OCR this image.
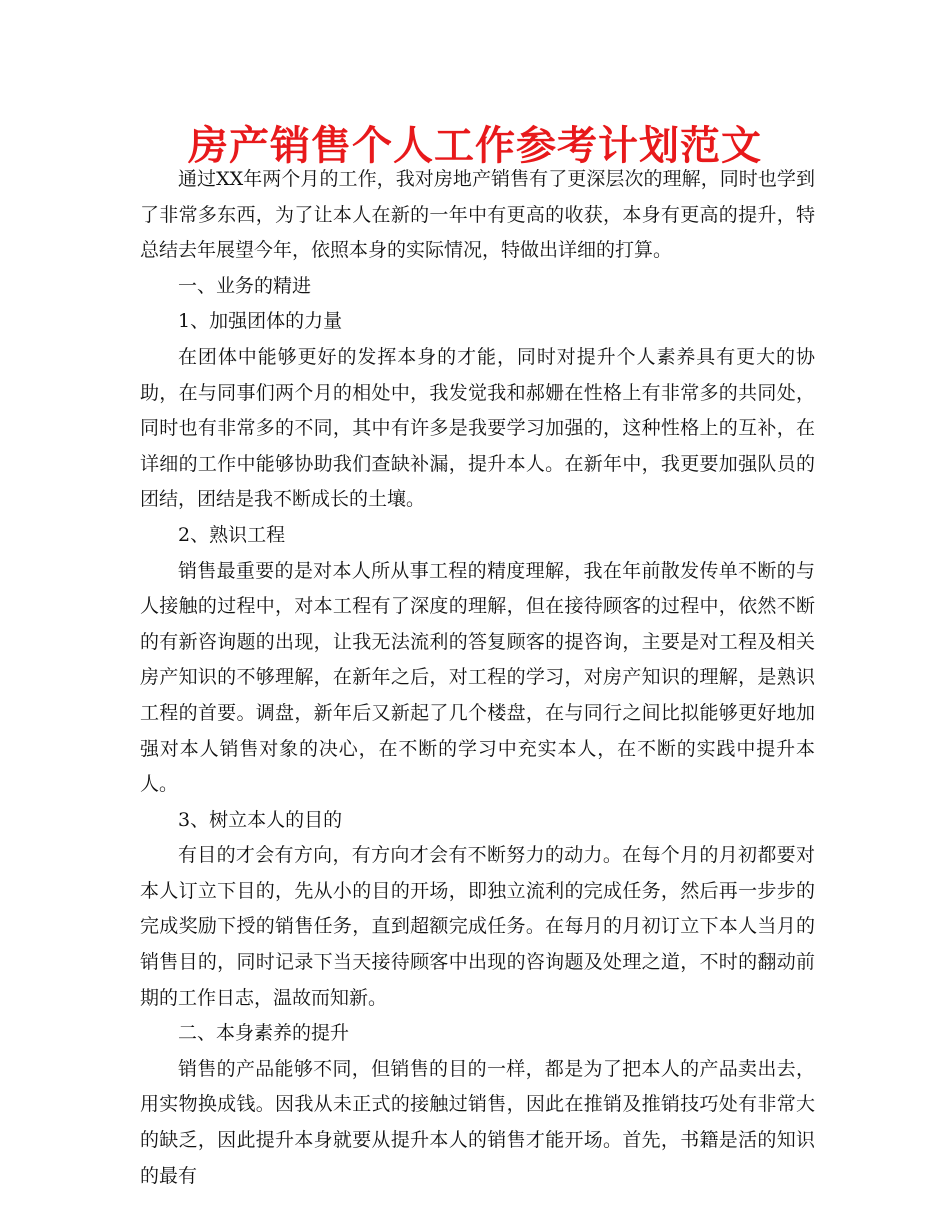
房产销售个人工作参考计划范文

通过XX年两个月的工作，我对房地产销售有了更深层次的理解，同时也学到了非常多东西，为了让本人在新的一年中有更高的收获，本身有更高的提升，特总结去年展望今年，依照本身的实际情况，特做出详细的打算。

一、业务的精进

1、加强团体的力量

在团体中能够更好的发挥本身的才能，同时对提升个人素养具有更大的协助，在与同事们两个月的相处中，我发觉我和郝姗在性格上有非常多的共同处，同时也有非常多的不同，其中有许多是我要学习加强的，这种性格上的互补，在详细的工作中能够协助我们查缺补漏，提升本人。在新年中，我更要加强队员的团结，团结是我不断成长的土壤。

2、熟识工程

销售最重要的是对本人所从事工程的精度理解，我在年前散发传单不断的与人接触的过程中，对本工程有了深度的理解，但在接待顾客的过程中，依然不断的有新咨询题的出现，让我无法流利的答复顾客的提咨询，主要是对工程及相关房产知识的不够理解，在新年之后，对工程的学习，对房产知识的理解，是熟识工程的首要。调盘，新年后又新起了几个楼盘，在与同行之间比拟能够更好地加强对本人销售对象的决心，在不断的学习中充实本人，在不断的实践中提升本人。

3、树立本人的目的

有目的才会有方向，有方向才会有不断努力的动力。在每个月的月初都要对本人订立下目的，先从小的目的开场，即独立流利的完成任务，然后再一步步的完成奖励下授的销售任务，直到超额完成任务。在每月的月初订立下本人当月的销售目的，同时记录下当天接待顾客中出现的咨询题及处理之道，不时的翻动前期的工作日志，温故而知新。

二、本身素养的提升

销售的产品能够不同，但销售的目的一样，都是为了把本人的产品卖出去，用实物换成钱。因我从未正式的接触过销售，因此在推销及推销技巧处有非常大的缺乏，因此提升本身就要从提升本人的销售才能开场。首先，书籍是活的知识的最有
